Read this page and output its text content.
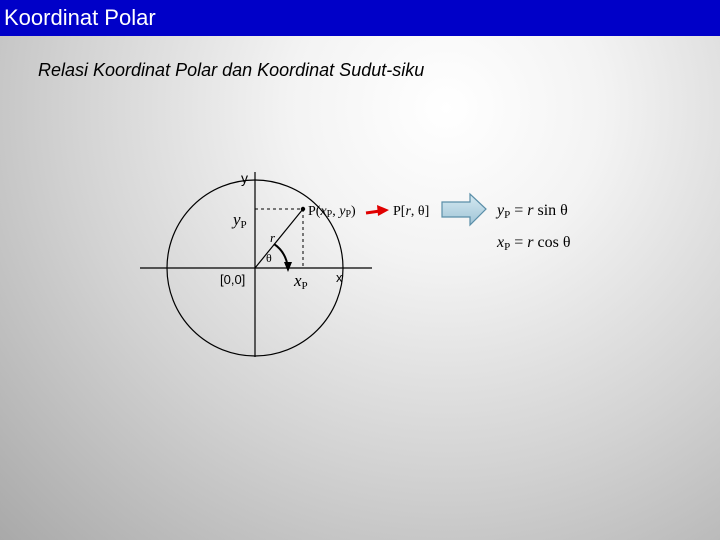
Koordinat Polar

Relasi Koordinat Polar dan Koordinat Sudut-siku

y
x
[0,0]
yP
xP
r
θ
P(xP, yP)	P[r, θ]	yP = r sin θ
xP = r cos θ
